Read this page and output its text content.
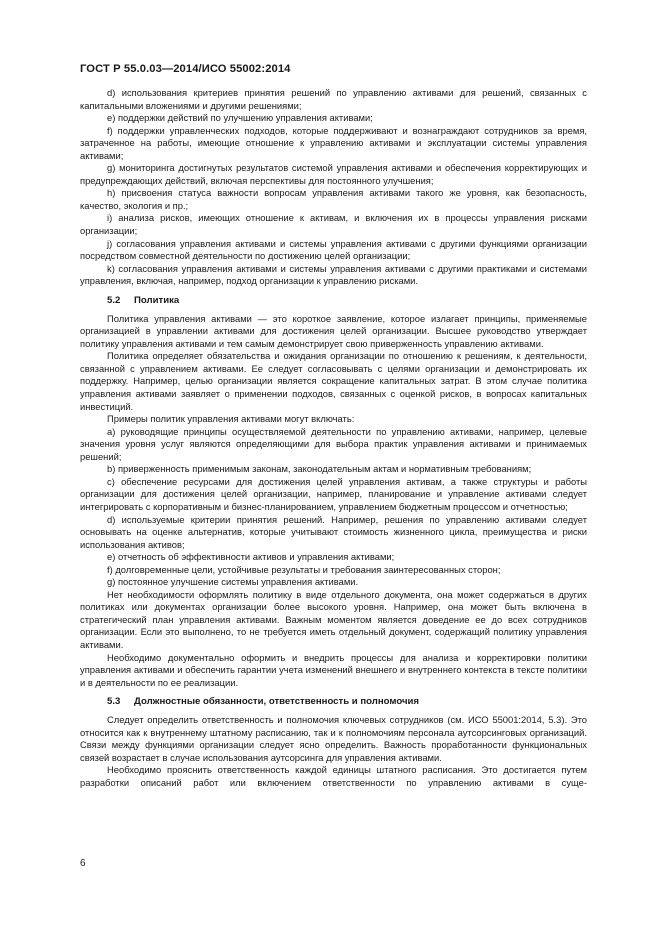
ГОСТ Р 55.0.03—2014/ИСО 55002:2014

d) использования критериев принятия решений по управлению активами для решений, связанных с капитальными вложениями и другими решениями;

e) поддержки действий по улучшению управления активами;

f) поддержки управленческих подходов, которые поддерживают и вознаграждают сотрудников за время, затраченное на работы, имеющие отношение к управлению активами и эксплуатации системы управления активами;

g) мониторинга достигнутых результатов системой управления активами и обеспечения корректирующих и предупреждающих действий, включая перспективы для постоянного улучшения;

h) присвоения статуса важности вопросам управления активами такого же уровня, как безопасность, качество, экология и пр.;

i) анализа рисков, имеющих отношение к активам, и включения их в процессы управления рисками организации;

j) согласования управления активами и системы управления активами с другими функциями организации посредством совместной деятельности по достижению целей организации;

k) согласования управления активами и системы управления активами с другими практиками и системами управления, включая, например, подход организации к управлению рисками.

5.2 Политика

Политика управления активами — это короткое заявление, которое излагает принципы, применяемые организацией в управлении активами для достижения целей организации. Высшее руководство утверждает политику управления активами и тем самым демонстрирует свою приверженность управлению активами.

Политика определяет обязательства и ожидания организации по отношению к решениям, к деятельности, связанной с управлением активами. Ее следует согласовывать с целями организации и демонстрировать их поддержку. Например, целью организации является сокращение капитальных затрат. В этом случае политика управления активами заявляет о применении подходов, связанных с оценкой рисков, в вопросах капитальных инвестиций.

Примеры политик управления активами могут включать:

a) руководящие принципы осуществляемой деятельности по управлению активами, например, целевые значения уровня услуг являются определяющими для выбора практик управления активами и принимаемых решений;

b) приверженность применимым законам, законодательным актам и нормативным требованиям;

c) обеспечение ресурсами для достижения целей управления активам, а также структуры и работы организации для достижения целей организации, например, планирование и управление активами следует интегрировать с корпоративным и бизнес-планированием, управлением бюджетным процессом и отчетностью;

d) используемые критерии принятия решений. Например, решения по управлению активами следует основывать на оценке альтернатив, которые учитывают стоимость жизненного цикла, преимущества и риски использования активов;

e) отчетность об эффективности активов и управления активами;

f) долговременные цели, устойчивые результаты и требования заинтересованных сторон;

g) постоянное улучшение системы управления активами.

Нет необходимости оформлять политику в виде отдельного документа, она может содержаться в других политиках или документах организации более высокого уровня. Например, она может быть включена в стратегический план управления активами. Важным моментом является доведение ее до всех сотрудников организации. Если это выполнено, то не требуется иметь отдельный документ, содержащий политику управления активами.

Необходимо документально оформить и внедрить процессы для анализа и корректировки политики управления активами и обеспечить гарантии учета изменений внешнего и внутреннего контекста в тексте политики и в деятельности по ее реализации.

5.3 Должностные обязанности, ответственность и полномочия

Следует определить ответственность и полномочия ключевых сотрудников (см. ИСО 55001:2014, 5.3). Это относится как к внутреннему штатному расписанию, так и к полномочиям персонала аутсорсинговых организаций. Связи между функциями организации следует ясно определить. Важность проработанности функциональных связей возрастает в случае использования аутсорсинга для управления активами.

Необходимо прояснить ответственность каждой единицы штатного расписания. Это достигается путем разработки описаний работ или включением ответственности по управлению активами в суще-

6
